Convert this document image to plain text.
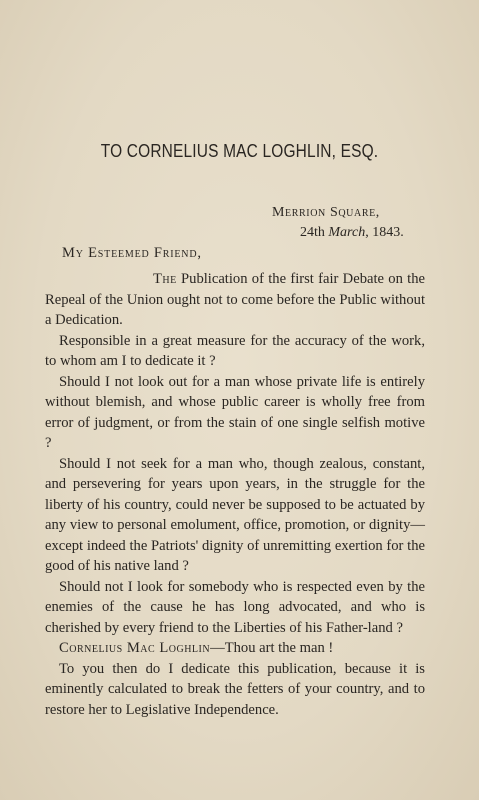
TO CORNELIUS MAC LOGHLIN, ESQ.
Merrion Square,
24th March, 1843.
My Esteemed Friend,

The Publication of the first fair Debate on the Repeal of the Union ought not to come before the Public without a Dedication.

Responsible in a great measure for the accuracy of the work, to whom am I to dedicate it ?

Should I not look out for a man whose private life is entirely without blemish, and whose public career is wholly free from error of judgment, or from the stain of one single selfish motive ?

Should I not seek for a man who, though zealous, constant, and persevering for years upon years, in the struggle for the liberty of his country, could never be supposed to be actuated by any view to personal emolument, office, promotion, or dignity—except indeed the Patriots' dignity of unremitting exertion for the good of his native land ?

Should not I look for somebody who is respected even by the enemies of the cause he has long advocated, and who is cherished by every friend to the Liberties of his Father-land ?

Cornelius Mac Loghlin—Thou art the man !

To you then do I dedicate this publication, because it is eminently calculated to break the fetters of your country, and to restore her to Legislative Independence.
